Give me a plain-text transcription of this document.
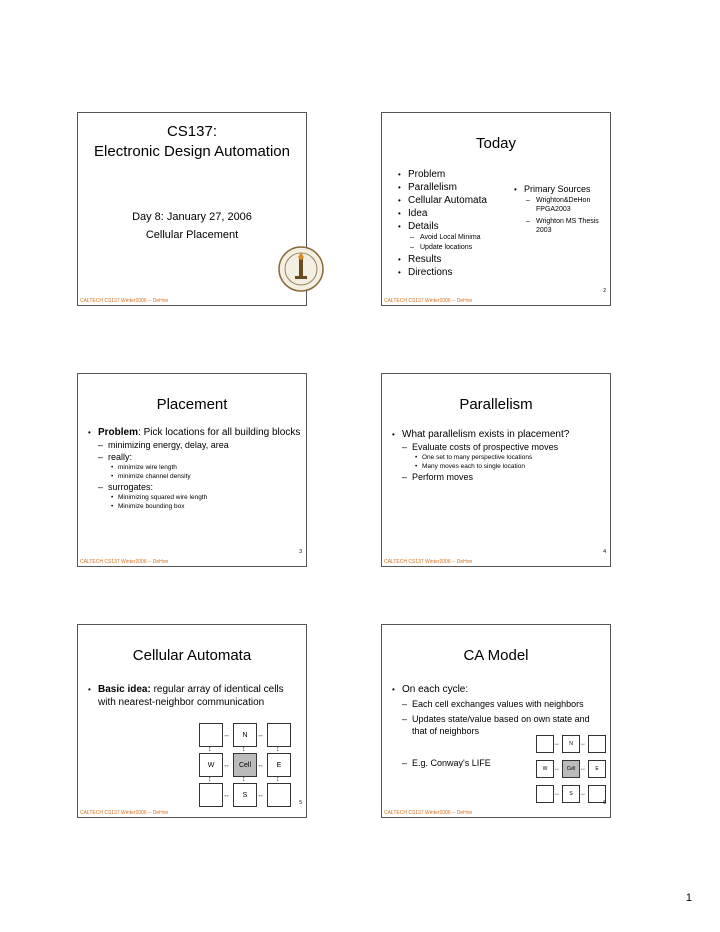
CS137:
Electronic Design Automation
Day 8: January 27, 2006
Cellular Placement
CALTECH CS137 Winter2006 -- DeHon
Today
• Problem
• Parallelism
• Cellular Automata
• Idea
• Details
– Avoid Local Minima
– Update locations
• Results
• Directions
• Primary Sources
– Wrighton&DeHon FPGA2003
– Wrighton MS Thesis 2003
2
CALTECH CS137 Winter2006 -- DeHon
Placement
• Problem: Pick locations for all building blocks
– minimizing energy, delay, area
– really:
• minimize wire length
• minimize channel density
– surrogates:
• Minimizing squared wire length
• Minimize bounding box
3
CALTECH CS137 Winter2006 -- DeHon
Parallelism
• What parallelism exists in placement?
– Evaluate costs of prospective moves
• One set to many perspective locations
• Many moves each to single location
– Perform moves
4
CALTECH CS137 Winter2006 -- DeHon
Cellular Automata
• Basic idea: regular array of identical cells with nearest-neighbor communication
N
W	Cell	E
S
↔	↔
↔	↔
↔	↔
↕	↕	↕
↕	↕	↕
5
CALTECH CS137 Winter2006 -- DeHon
CA Model
• On each cycle:
– Each cell exchanges values with neighbors
– Updates state/value based on own state and that of neighbors
– E.g. Conway's LIFE
N
W	Cell	E
S
↔	↔
↔	↔
↔	↔
6
CALTECH CS137 Winter2006 -- DeHon
1
